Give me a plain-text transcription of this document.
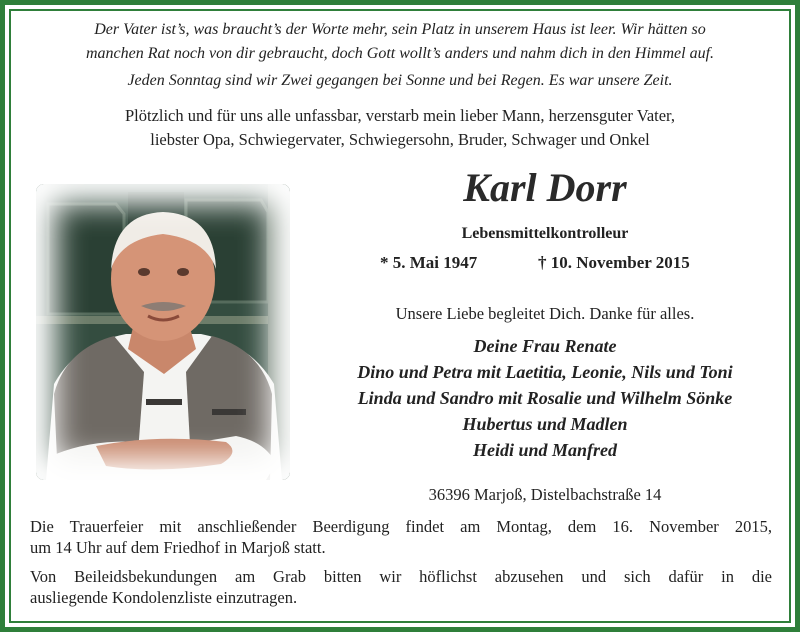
Der Vater ist’s, was braucht’s der Worte mehr, sein Platz in unserem Haus ist leer. Wir hätten so
manchen Rat noch von dir gebraucht, doch Gott wollt’s anders und nahm dich in den Himmel auf.
Jeden Sonntag sind wir Zwei gegangen bei Sonne und bei Regen. Es war unsere Zeit.
Plötzlich und für uns alle unfassbar, verstarb mein lieber Mann, herzensguter Vater,
liebster Opa, Schwiegervater, Schwiegersohn, Bruder, Schwager und Onkel
Karl Dorr
Lebensmittelkontrolleur
* 5. Mai 1947	† 10. November 2015
Unsere Liebe begleitet Dich. Danke für alles.
Deine Frau Renate
Dino und Petra mit Laetitia, Leonie, Nils und Toni
Linda und Sandro mit Rosalie und Wilhelm Sönke
Hubertus und Madlen
Heidi und Manfred
36396 Marjoß, Distelbachstraße 14
Die Trauerfeier mit anschließender Beerdigung findet am Montag, dem 16. November 2015,
um 14 Uhr auf dem Friedhof in Marjoß statt.
Von Beileidsbekundungen am Grab bitten wir höflichst abzusehen und sich dafür in die
ausliegende Kondolenzliste einzutragen.
